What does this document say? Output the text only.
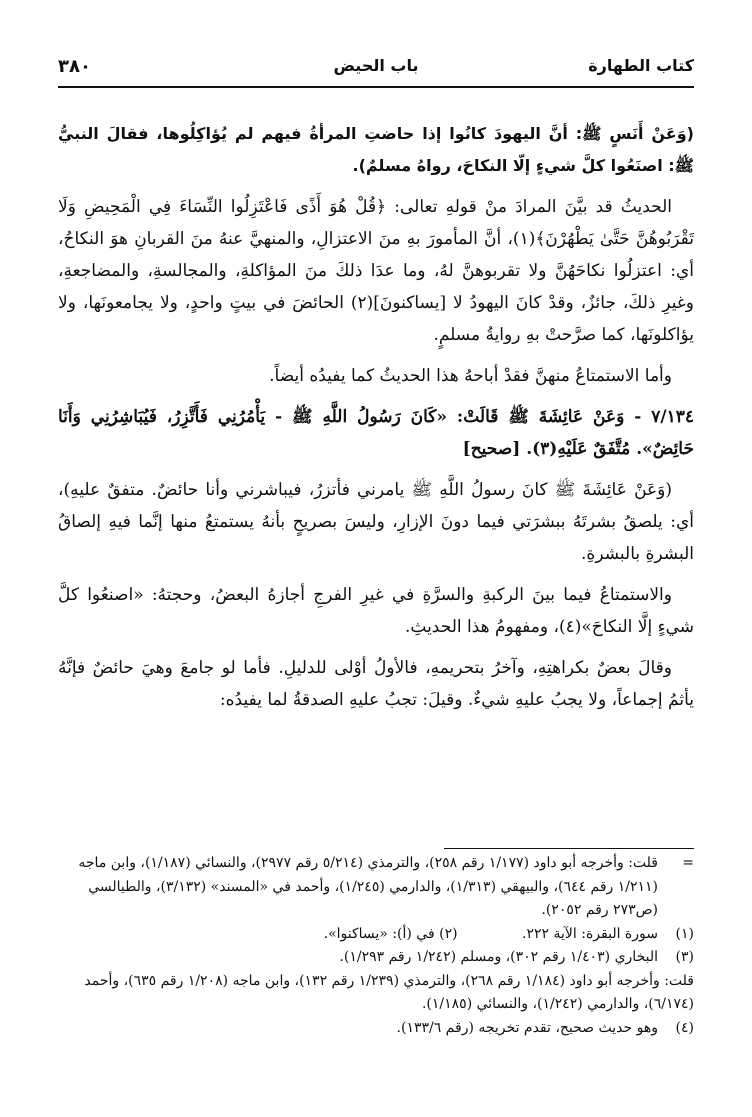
٣٨٠	باب الحيض	كتاب الطهارة

(وَعَنْ أَنَسٍ ﷺ: أنَّ اليهودَ كانُوا إذا حاضتِ المرأةُ فيهم لم يُؤاكِلُوها، فقالَ النبيُّ ﷺ: اصنَعُوا كلَّ شيءٍ إلّا النكاحَ، رواهُ مسلمٌ).

الحديثُ قد بيَّنَ المرادَ منْ قولهِ تعالى: ﴿قُلْ هُوَ أَذًى فَاعْتَزِلُوا النِّسَاءَ فِي الْمَحِيضِ وَلَا تَقْرَبُوهُنَّ حَتَّىٰ يَطْهُرْنَ﴾(١)، أنَّ المأمورَ بهِ منَ الاعتزالِ، والمنهيَّ عنهُ منَ القربانِ هوَ النكاحُ، أي: اعتزلُوا نكاحَهُنَّ ولا تقربوهنَّ لهُ، وما عدَا ذلكَ منَ المؤاكلةِ، والمجالسةِ، والمضاجعةِ، وغيرِ ذلكَ، جائزٌ، وقدْ كانَ اليهودُ لا [يساكنونَ](٢) الحائضَ في بيتٍ واحدٍ، ولا يجامعونَها، ولا يؤاكلونَها، كما صرَّحتْ بهِ روايةُ مسلمٍ.

وأما الاستمتاعُ منهنَّ فقدْ أباحهُ هذا الحديثُ كما يفيدُه أيضاً.

٧/١٣٤ - وَعَنْ عَائِشَةَ ﷺ قَالَتْ: «كَانَ رَسُولُ اللَّهِ ﷺ - يَأْمُرُنِي فَأَتَّزِرُ، فَيُبَاشِرُنِي وَأَنَا حَائِضٌ». مُتَّفَقٌ عَلَيْهِ(٣). [صحيح]

(وَعَنْ عَائِشَةَ ﷺ كانَ رسولُ اللَّهِ ﷺ يامرني فأتزرُ، فيباشرني وأنا حائضٌ. متفقٌ عليهِ)، أي: يلصقُ بشرتَهُ ببشرَتي فيما دونَ الإزارِ، وليسَ بصريحٍ بأنهُ يستمتعُ منها إنَّما فيهِ إلصاقُ البشرةِ بالبشرةِ.

والاستمتاعُ فيما بينَ الركبةِ والسرَّةِ في غيرِ الفرجِ أجازهُ البعضُ، وحجتهُ: «اصنعُوا كلَّ شيءٍ إلَّا النكاحَ»(٤)، ومفهومُ هذا الحديثِ.

وقالَ بعضٌ بكراهتِهِ، وآخرُ بتحريمهِ، فالأولُ أوْلى للدليلِ. فأما لو جامعَ وهيَ حائضٌ فإنَّهُ يأثمُ إجماعاً، ولا يجبُ عليهِ شيءٌ. وقيلَ: تجبُ عليهِ الصدقةُ لما يفيدُه:

=
قلت: وأخرجه أبو داود (١/١٧٧ رقم ٢٥٨)، والترمذي (٥/٢١٤ رقم ٢٩٧٧)، والنسائي (١/١٨٧)، وابن ماجه (١/٢١١ رقم ٦٤٤)، والبيهقي (١/٣١٣)، والدارمي (١/٢٤٥)، وأحمد في «المسند» (٣/١٣٢)، والطيالسي (ص٢٧٣ رقم ٢٠٥٢).

(١)
سورة البقرة: الآية ٢٢٢. (٢) في (أ): «يساكنوا».

(٣)
البخاري (١/٤٠٣ رقم ٣٠٢)، ومسلم (١/٢٤٢ رقم ١/٢٩٣).

قلت: وأخرجه أبو داود (١/١٨٤ رقم ٢٦٨)، والترمذي (١/٢٣٩ رقم ١٣٢)، وابن ماجه (١/٢٠٨ رقم ٦٣٥)، وأحمد (٦/١٧٤)، والدارمي (١/٢٤٢)، والنسائي (١/١٨٥).

(٤)
وهو حديث صحيح، تقدم تخريجه (رقم ١٣٣/٦).
